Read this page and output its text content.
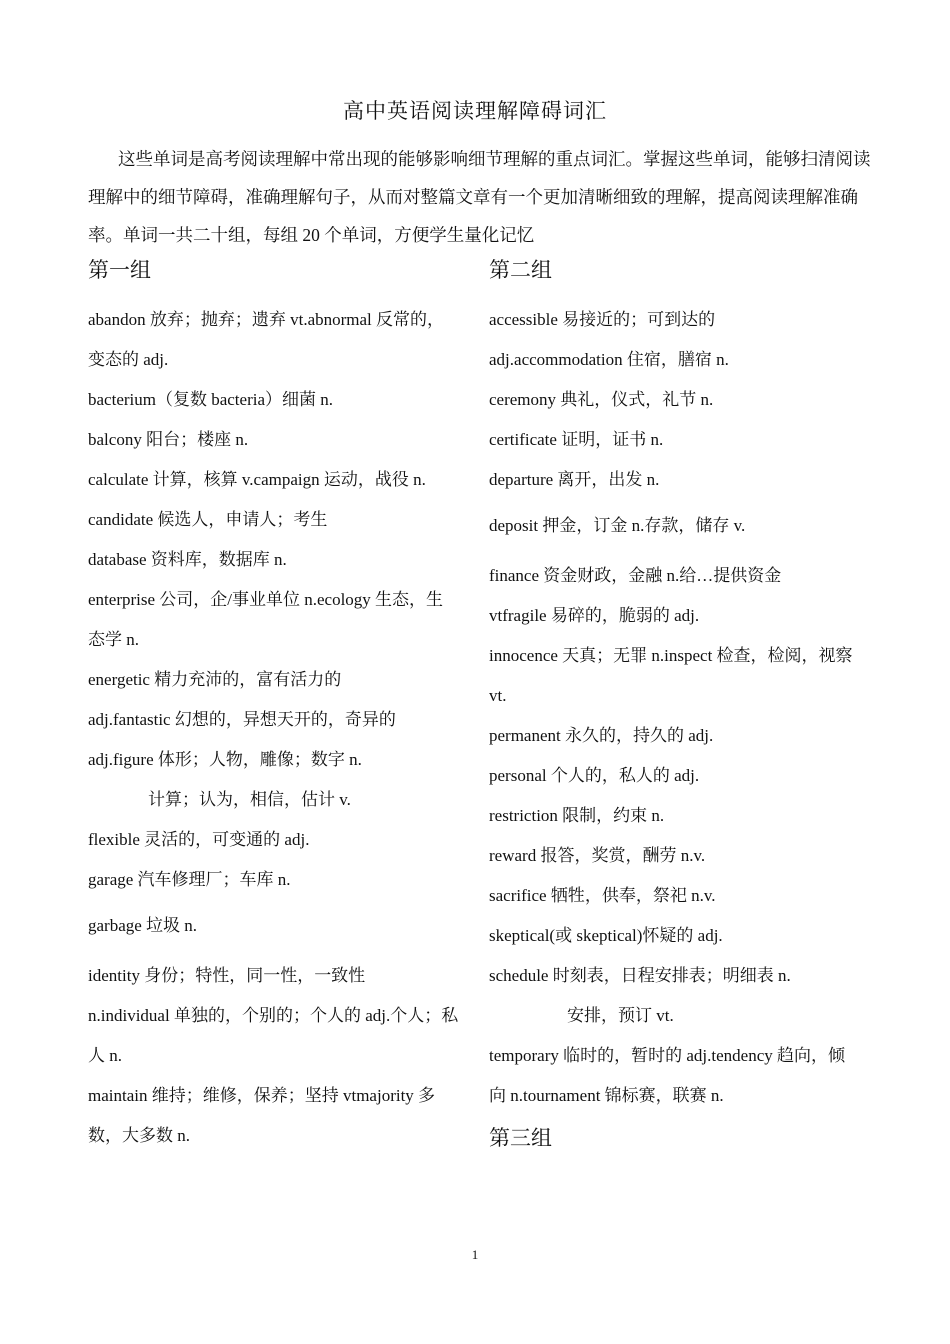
高中英语阅读理解障碍词汇
这些单词是高考阅读理解中常出现的能够影响细节理解的重点词汇。掌握这些单词，能够扫清阅读理解中的细节障碍，准确理解句子，从而对整篇文章有一个更加清晰细致的理解，提高阅读理解准确率。单词一共二十组，每组 20 个单词，方便学生量化记忆
第一组
abandon 放弃；抛弃；遗弃 vt.abnormal 反常的，变态的 adj.
bacterium（复数 bacteria）细菌 n.
balcony 阳台；楼座 n.
calculate 计算，核算 v.campaign 运动，战役 n.
candidate 候选人，申请人；考生
database 资料库，数据库 n.
enterprise 公司，企/事业单位 n.ecology 生态，生态学 n.
energetic 精力充沛的，富有活力的
adj.fantastic 幻想的，异想天开的，奇异的
adj.figure 体形；人物，雕像；数字 n.
计算；认为，相信，估计 v.
flexible 灵活的，可变通的 adj.
garage 汽车修理厂；车库 n.
garbage 垃圾 n.
identity 身份；特性，同一性，一致性
n.individual 单独的，个别的；个人的 adj.个人；私人 n.
maintain 维持；维修，保养；坚持 vtmajority 多数，大多数 n.
第二组
accessible 易接近的；可到达的
adj.accommodation 住宿，膳宿 n.
ceremony 典礼，仪式，礼节 n.
certificate 证明，证书 n.
departure 离开，出发 n.
deposit 押金，订金 n.存款，储存 v.
finance 资金财政，金融 n.给…提供资金
vtfragile 易碎的，脆弱的 adj.
innocence 天真；无罪 n.inspect 检查，检阅，视察 vt.
permanent 永久的，持久的 adj.
personal 个人的，私人的 adj.
restriction 限制，约束 n.
reward 报答，奖赏，酬劳 n.v.
sacrifice 牺牲，供奉，祭祀 n.v.
skeptical(或 skeptical)怀疑的 adj.
schedule 时刻表，日程安排表；明细表 n.
安排，预订 vt.
temporary 临时的，暂时的 adj.tendency 趋向，倾向 n.tournament 锦标赛，联赛 n.
第三组
1
